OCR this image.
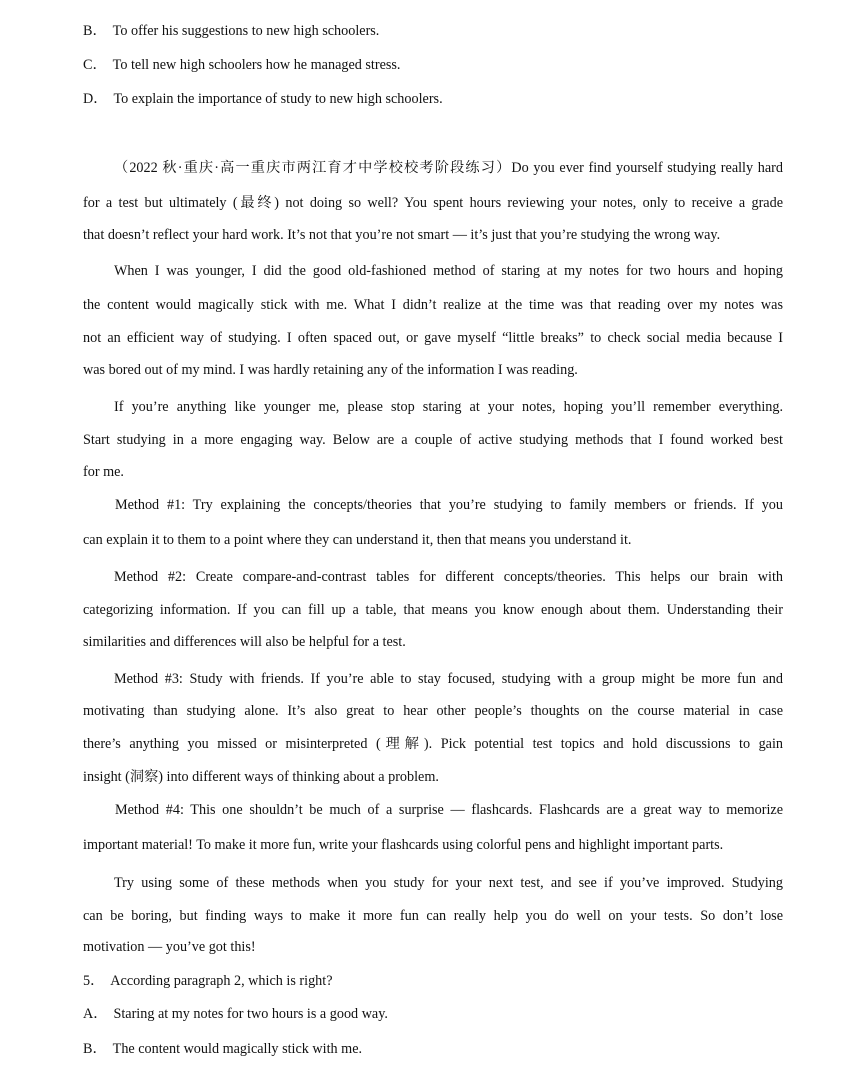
B． To offer his suggestions to new high schoolers.
C． To tell new high schoolers how he managed stress.
D． To explain the importance of study to new high schoolers.
（2022 秋·重庆·高一重庆市两江育才中学校校考阶段练习）Do you ever find yourself studying really hard
for a test but ultimately (最终) not doing so well? You spent hours reviewing your notes, only to receive a grade
that doesn’t reflect your hard work. It’s not that you’re not smart — it’s just that you’re studying the wrong way.
When I was younger, I did the good old-fashioned method of staring at my notes for two hours and hoping
the content would magically stick with me. What I didn’t realize at the time was that reading over my notes was
not an efficient way of studying. I often spaced out, or gave myself “little breaks” to check social media because I
was bored out of my mind. I was hardly retaining any of the information I was reading.
If you’re anything like younger me, please stop staring at your notes, hoping you’ll remember everything.
Start studying in a more engaging way. Below are a couple of active studying methods that I found worked best
for me.
Method #1: Try explaining the concepts/theories that you’re studying to family members or friends. If you
can explain it to them to a point where they can understand it, then that means you understand it.
Method #2: Create compare-and-contrast tables for different concepts/theories. This helps our brain with
categorizing information. If you can fill up a table, that means you know enough about them. Understanding their
similarities and differences will also be helpful for a test.
Method #3: Study with friends. If you’re able to stay focused, studying with a group might be more fun and
motivating than studying alone. It’s also great to hear other people’s thoughts on the course material in case
there’s anything you missed or misinterpreted (理解). Pick potential test topics and hold discussions to gain
insight (洞察) into different ways of thinking about a problem.
Method #4: This one shouldn’t be much of a surprise — flashcards. Flashcards are a great way to memorize
important material! To make it more fun, write your flashcards using colorful pens and highlight important parts.
Try using some of these methods when you study for your next test, and see if you’ve improved. Studying
can be boring, but finding ways to make it more fun can really help you do well on your tests. So don’t lose
motivation — you’ve got this!
5． According paragraph 2, which is right?
A． Staring at my notes for two hours is a good way.
B． The content would magically stick with me.
